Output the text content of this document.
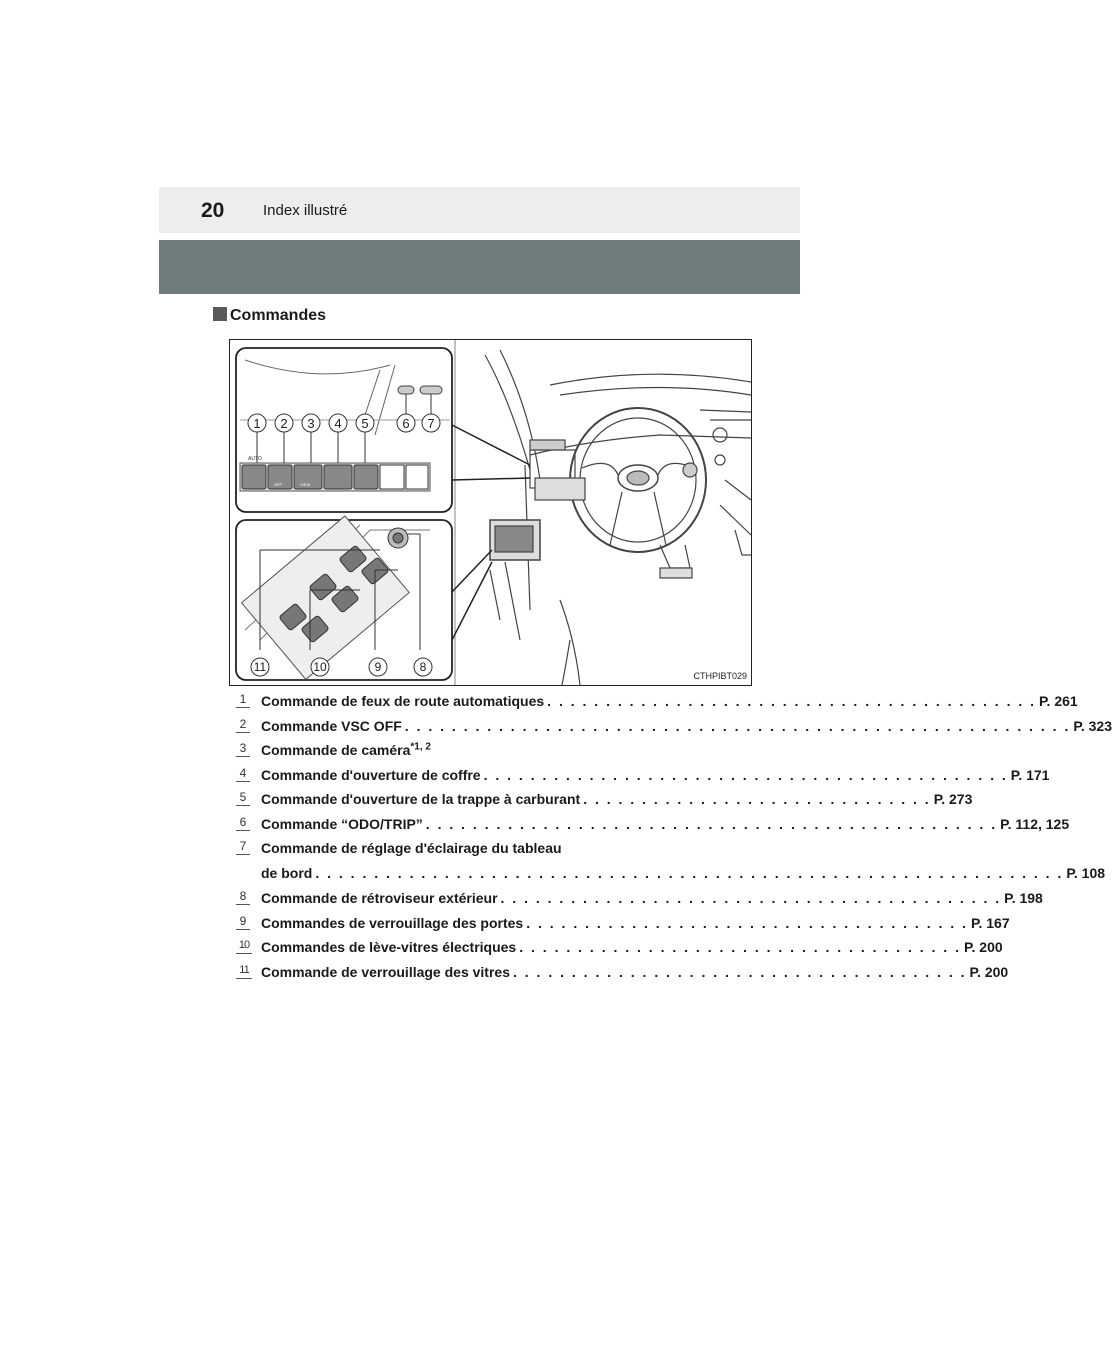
20	Index illustré
Commandes
AUTO
OFF	VIEW
1 2 3 4 5	6 7
11	10	9	8
CTHPIBT029
1 Commande de feux de route automatiques . . . . . . . . . . . . . . . . . . . . . . . . . . . . . . . . . . . . . . . . . . P. 261
2 Commande VSC OFF . . . . . . . . . . . . . . . . . . . . . . . . . . . . . . . . . . . . . . . . . . . . . . . . . . . . . . . . . P. 323
3 Commande de caméra$^{*1, 2}$
4 Commande d'ouverture de coffre . . . . . . . . . . . . . . . . . . . . . . . . . . . . . . . . . . . . . . . . . . . . . P. 171
5 Commande d'ouverture de la trappe à carburant . . . . . . . . . . . . . . . . . . . . . . . . . . . . . . P. 273
6 Commande “ODO/TRIP” . . . . . . . . . . . . . . . . . . . . . . . . . . . . . . . . . . . . . . . . . . . . . . . . . P. 112, 125
7 Commande de réglage d'éclairage du tableau
de bord . . . . . . . . . . . . . . . . . . . . . . . . . . . . . . . . . . . . . . . . . . . . . . . . . . . . . . . . . . . . . . . . P. 108
8 Commande de rétroviseur extérieur . . . . . . . . . . . . . . . . . . . . . . . . . . . . . . . . . . . . . . . . . . . P. 198
9 Commandes de verrouillage des portes . . . . . . . . . . . . . . . . . . . . . . . . . . . . . . . . . . . . . . P. 167
10 Commandes de lève-vitres électriques . . . . . . . . . . . . . . . . . . . . . . . . . . . . . . . . . . . . . . P. 200
11 Commande de verrouillage des vitres . . . . . . . . . . . . . . . . . . . . . . . . . . . . . . . . . . . . . . . P. 200
